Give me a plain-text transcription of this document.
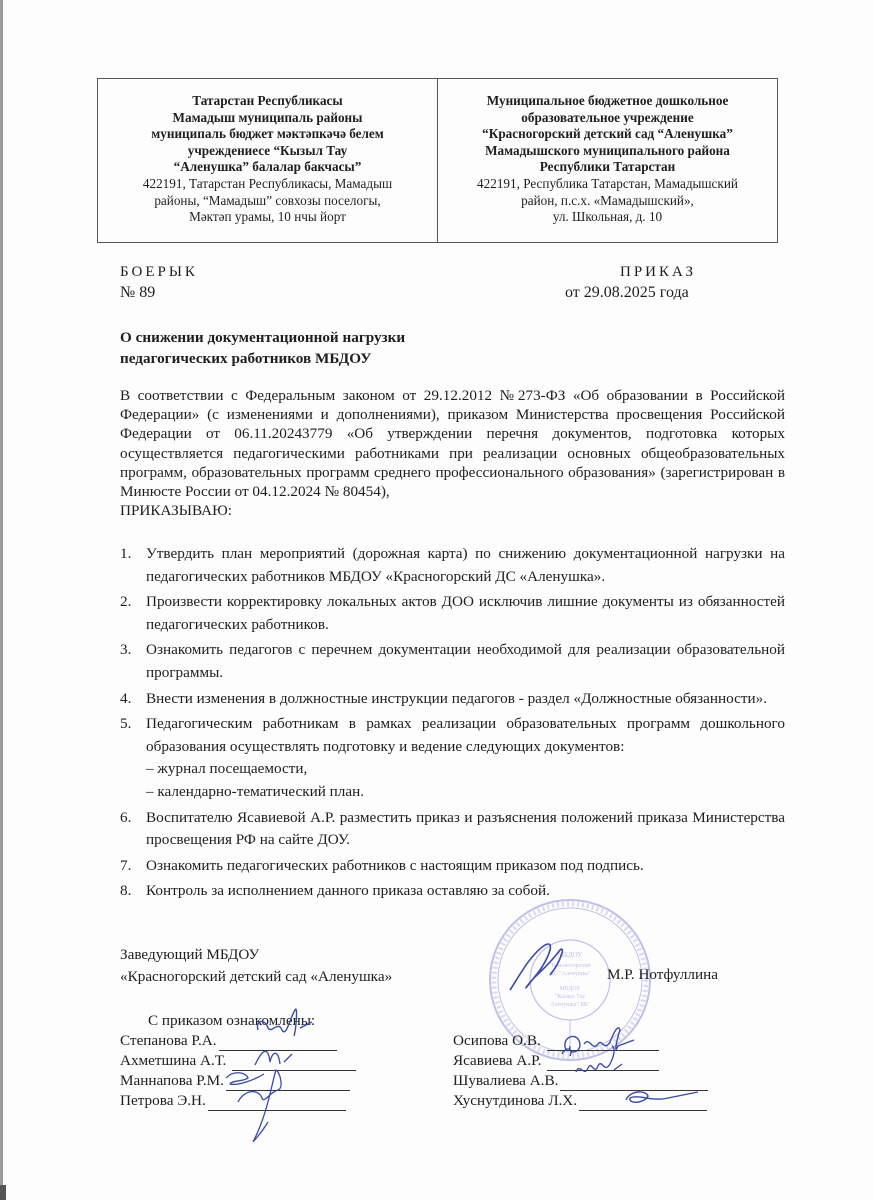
Татарстан Республикасы
Мамадыш муниципаль районы
муниципаль бюджет мәктәпкәчә белем
учреждениесе “Кызыл Тау
“Аленушка” балалар бакчасы”
422191, Татарстан Республикасы, Мамадыш
районы, “Мамадыш” совхозы поселогы,
Мәктәп урамы, 10 нчы йорт
Муниципальное бюджетное дошкольное
образовательное учреждение
“Красногорский детский сад “Аленушка”
Мамадышского муниципального района
Республики Татарстан
422191, Республика Татарстан, Мамадышский
район, п.с.х. «Мамадышский»,
ул. Школьная, д. 10
БОЕРЫК
№ 89
ПРИКАЗ
от 29.08.2025 года
О снижении документационной нагрузки
педагогических работников МБДОУ

В соответствии с Федеральным законом от 29.12.2012 №273-ФЗ «Об образовании в Российской Федерации» (с изменениями и дополнениями), приказом Министерства просвещения Российской Федерации от 06.11.20243779 «Об утверждении перечня документов, подготовка которых осуществляется педагогическими работниками при реализации основных общеобразовательных программ, образовательных программ среднего профессионального образования» (зарегистрирован в Минюсте России от 04.12.2024 № 80454),

ПРИКАЗЫВАЮ:

1. Утвердить план мероприятий (дорожная карта) по снижению документационной нагрузки на педагогических работников МБДОУ «Красногорский ДС «Аленушка».
2. Произвести корректировку локальных актов ДОО исключив лишние документы из обязанностей педагогических работников.
3. Ознакомить педагогов с перечнем документации необходимой для реализации образовательной программы.
4. Внести изменения в должностные инструкции педагогов - раздел «Должностные обязанности».
5. Педагогическим работникам в рамках реализации образовательных программ дошкольного образования осуществлять подготовку и ведение следующих документов:
– журнал посещаемости,
– календарно-тематический план.
6. Воспитателю Ясавиевой А.Р. разместить приказ и разъяснения положений приказа Министерства просвещения РФ на сайте ДОУ.
7. Ознакомить педагогических работников с настоящим приказом под подпись.
8. Контроль за исполнением данного приказа оставляю за собой.
МБДОУ
"Красногорский
ДС "Аленушка"
МБДОУ
"Кызыл Тау
Аленушка" ББ"
Заведующий МБДОУ
«Красногорский детский сад «Аленушка»	М.Р. Нотфуллина
С приказом ознакомлены:
Степанова Р.А.
Ахметшина А.Т.
Маннапова Р.М.
Петрова Э.Н.
Осипова О.В.
Ясавиева А.Р.
Шувалиева А.В.
Хуснутдинова Л.Х.
